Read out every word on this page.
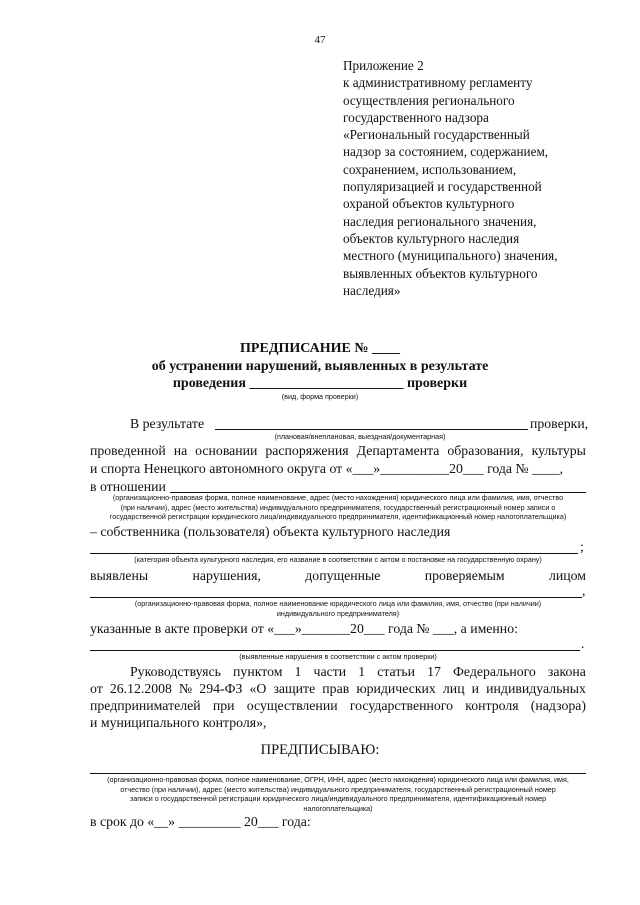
47
Приложение 2
к административному регламенту
осуществления регионального
государственного надзора
«Региональный государственный
надзор за состоянием, содержанием,
сохранением, использованием,
популяризацией и государственной
охраной объектов культурного
наследия регионального значения,
объектов культурного наследия
местного (муниципального) значения,
выявленных объектов культурного
наследия»
ПРЕДПИСАНИЕ № ____
об устранении нарушений, выявленных в результате
проведения ______________________ проверки
(вид, форма проверки)
В результате	проверки,
(плановая/внеплановая, выездная/документарная)
проведенной на основании распоряжения Департамента образования, культуры
и спорта Ненецкого автономного округа от «___»__________20___ года № ____,
в отношении
(организационно-правовая форма, полное наименование, адрес (место нахождения) юридического лица или фамилия, имя, отчество
(при наличии), адрес (место жительства) индивидуального предпринимателя, государственный регистрационный номер записи о
государственной регистрации юридического лица/индивидуального предпринимателя, идентификационный номер налогоплательщика)
– собственника (пользователя) объекта культурного наследия
;
(категория объекта культурного наследия, его название в соответствии с актом о постановке на государственную охрану)
выявлены	нарушения,	допущенные	проверяемым	лицом
,
(организационно-правовая форма, полное наименование юридического лица или фамилия, имя, отчество (при наличии)
индивидуального предпринимателя)
указанные в акте проверки от «___»_______20___ года № ___, а именно:
.
(выявленные нарушения в соответствии с актом проверки)
Руководствуясь пунктом 1 части 1 статьи 17 Федерального закона
от 26.12.2008 № 294-ФЗ «О защите прав юридических лиц и индивидуальных
предпринимателей при осуществлении государственного контроля (надзора)
и муниципального контроля»,
ПРЕДПИСЫВАЮ:
(организационно-правовая форма, полное наименование, ОГРН, ИНН, адрес (место нахождения) юридического лица или фамилия, имя,
отчество (при наличии), адрес (место жительства) индивидуального предпринимателя, государственный регистрационный номер
записи о государственной регистрации юридического лица/индивидуального предпринимателя, идентификационный номер
налогоплательщика)
в срок до «__» _________ 20___ года:
